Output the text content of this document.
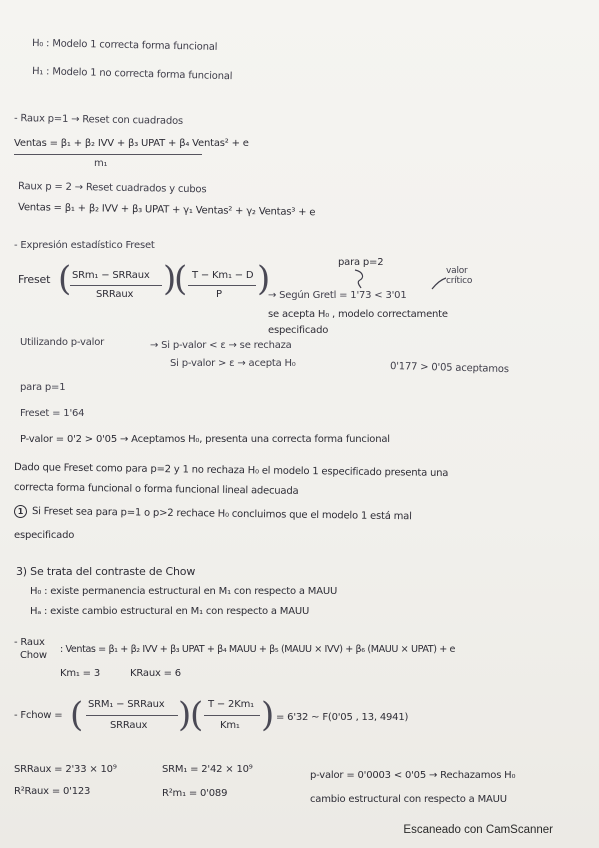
H₀ : Modelo 1 correcta forma funcional
H₁ : Modelo 1 no correcta forma funcional
- Raux p=1 → Reset con cuadrados
Ventas = β₁ + β₂ IVV + β₃ UPAT + β₄ Ventas² + e
m₁
Raux p = 2 → Reset cuadrados y cubos
Ventas = β₁ + β₂ IVV + β₃ UPAT + γ₁ Ventas² + γ₂ Ventas³ + e
- Expresión estadístico Freset
para p=2
valor crítico
Freset ( SRm₁ − SRRaux
SRRaux )
( T − Km₁ − D
P )
→ Según Gretl = 1'73 < 3'01
se acepta H₀ , modelo correctamente
especificado
Utilizando p-valor	→ Si p-valor < ε → se rechaza
Si p-valor > ε → acepta H₀	0'177 > 0'05 aceptamos
para p=1
Freset = 1'64
P-valor = 0'2 > 0'05 → Aceptamos H₀, presenta una correcta forma funcional
Dado que Freset como para p=2 y 1 no rechaza H₀ el modelo 1 especificado presenta una
correcta forma funcional o forma funcional lineal adecuada
1 Si Freset sea para p=1 o p>2 rechace H₀ concluimos que el modelo 1 está mal
especificado
3) Se trata del contraste de Chow
H₀ : existe permanencia estructural en M₁ con respecto a MAUU
Hₐ : existe cambio estructural en M₁ con respecto a MAUU
- Raux
Chow
: Ventas = β₁ + β₂ IVV + β₃ UPAT + β₄ MAUU + β₅ (MAUU × IVV) + β₆ (MAUU × UPAT) + e
Km₁ = 3	KRaux = 6
- Fchow = ( SRM₁ − SRRaux
SRRaux )
( T − 2Km₁
Km₁ ) = 6'32 ~ F(0'05 , 13, 4941)
SRRaux = 2'33 × 10⁹	SRM₁ = 2'42 × 10⁹
p-valor = 0'0003 < 0'05 → Rechazamos H₀
R²Raux = 0'123	R²m₁ = 0'089
cambio estructural con respecto a MAUU
Escaneado con CamScanner
